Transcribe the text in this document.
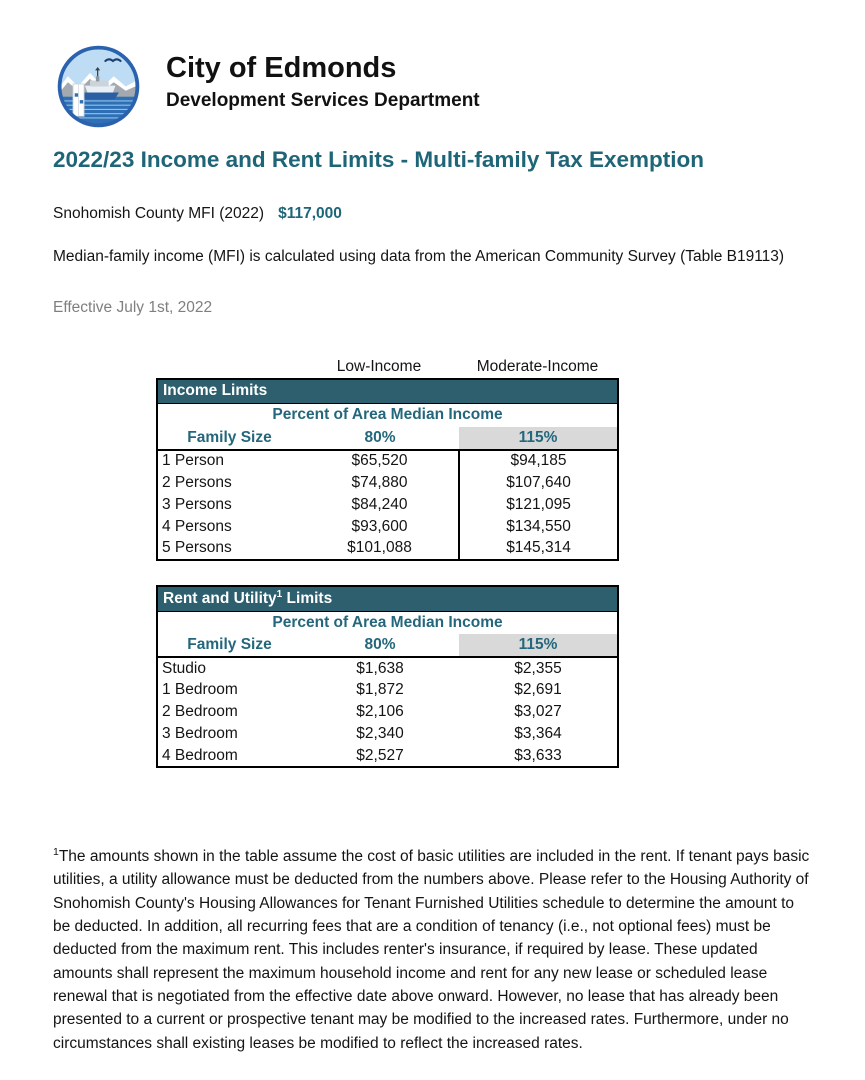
City of Edmonds
Development Services Department
2022/23 Income and Rent Limits - Multi-family Tax Exemption
Snohomish County MFI (2022) $117,000
Median-family income (MFI) is calculated using data from the American Community Survey (Table B19113)
Effective July 1st, 2022
Low-Income	Moderate-Income
Income Limits		
Percent of Area Median Income		
Family Size	80%	115%
1 Person	$65,520	$94,185
2 Persons	$74,880	$107,640
3 Persons	$84,240	$121,095
4 Persons	$93,600	$134,550
5 Persons	$101,088	$145,314
Rent and Utility$^1$ Limits		
Percent of Area Median Income		
Family Size	80%	115%
Studio	$1,638	$2,355
1 Bedroom	$1,872	$2,691
2 Bedroom	$2,106	$3,027
3 Bedroom	$2,340	$3,364
4 Bedroom	$2,527	$3,633
$^1$The amounts shown in the table assume the cost of basic utilities are included in the rent. If tenant pays basic utilities, a utility allowance must be deducted from the numbers above. Please refer to the Housing Authority of Snohomish County's Housing Allowances for Tenant Furnished Utilities schedule to determine the amount to be deducted. In addition, all recurring fees that are a condition of tenancy (i.e., not optional fees) must be deducted from the maximum rent. This includes renter's insurance, if required by lease. These updated amounts shall represent the maximum household income and rent for any new lease or scheduled lease renewal that is negotiated from the effective date above onward. However, no lease that has already been presented to a current or prospective tenant may be modified to the increased rates. Furthermore, under no circumstances shall existing leases be modified to reflect the increased rates.
